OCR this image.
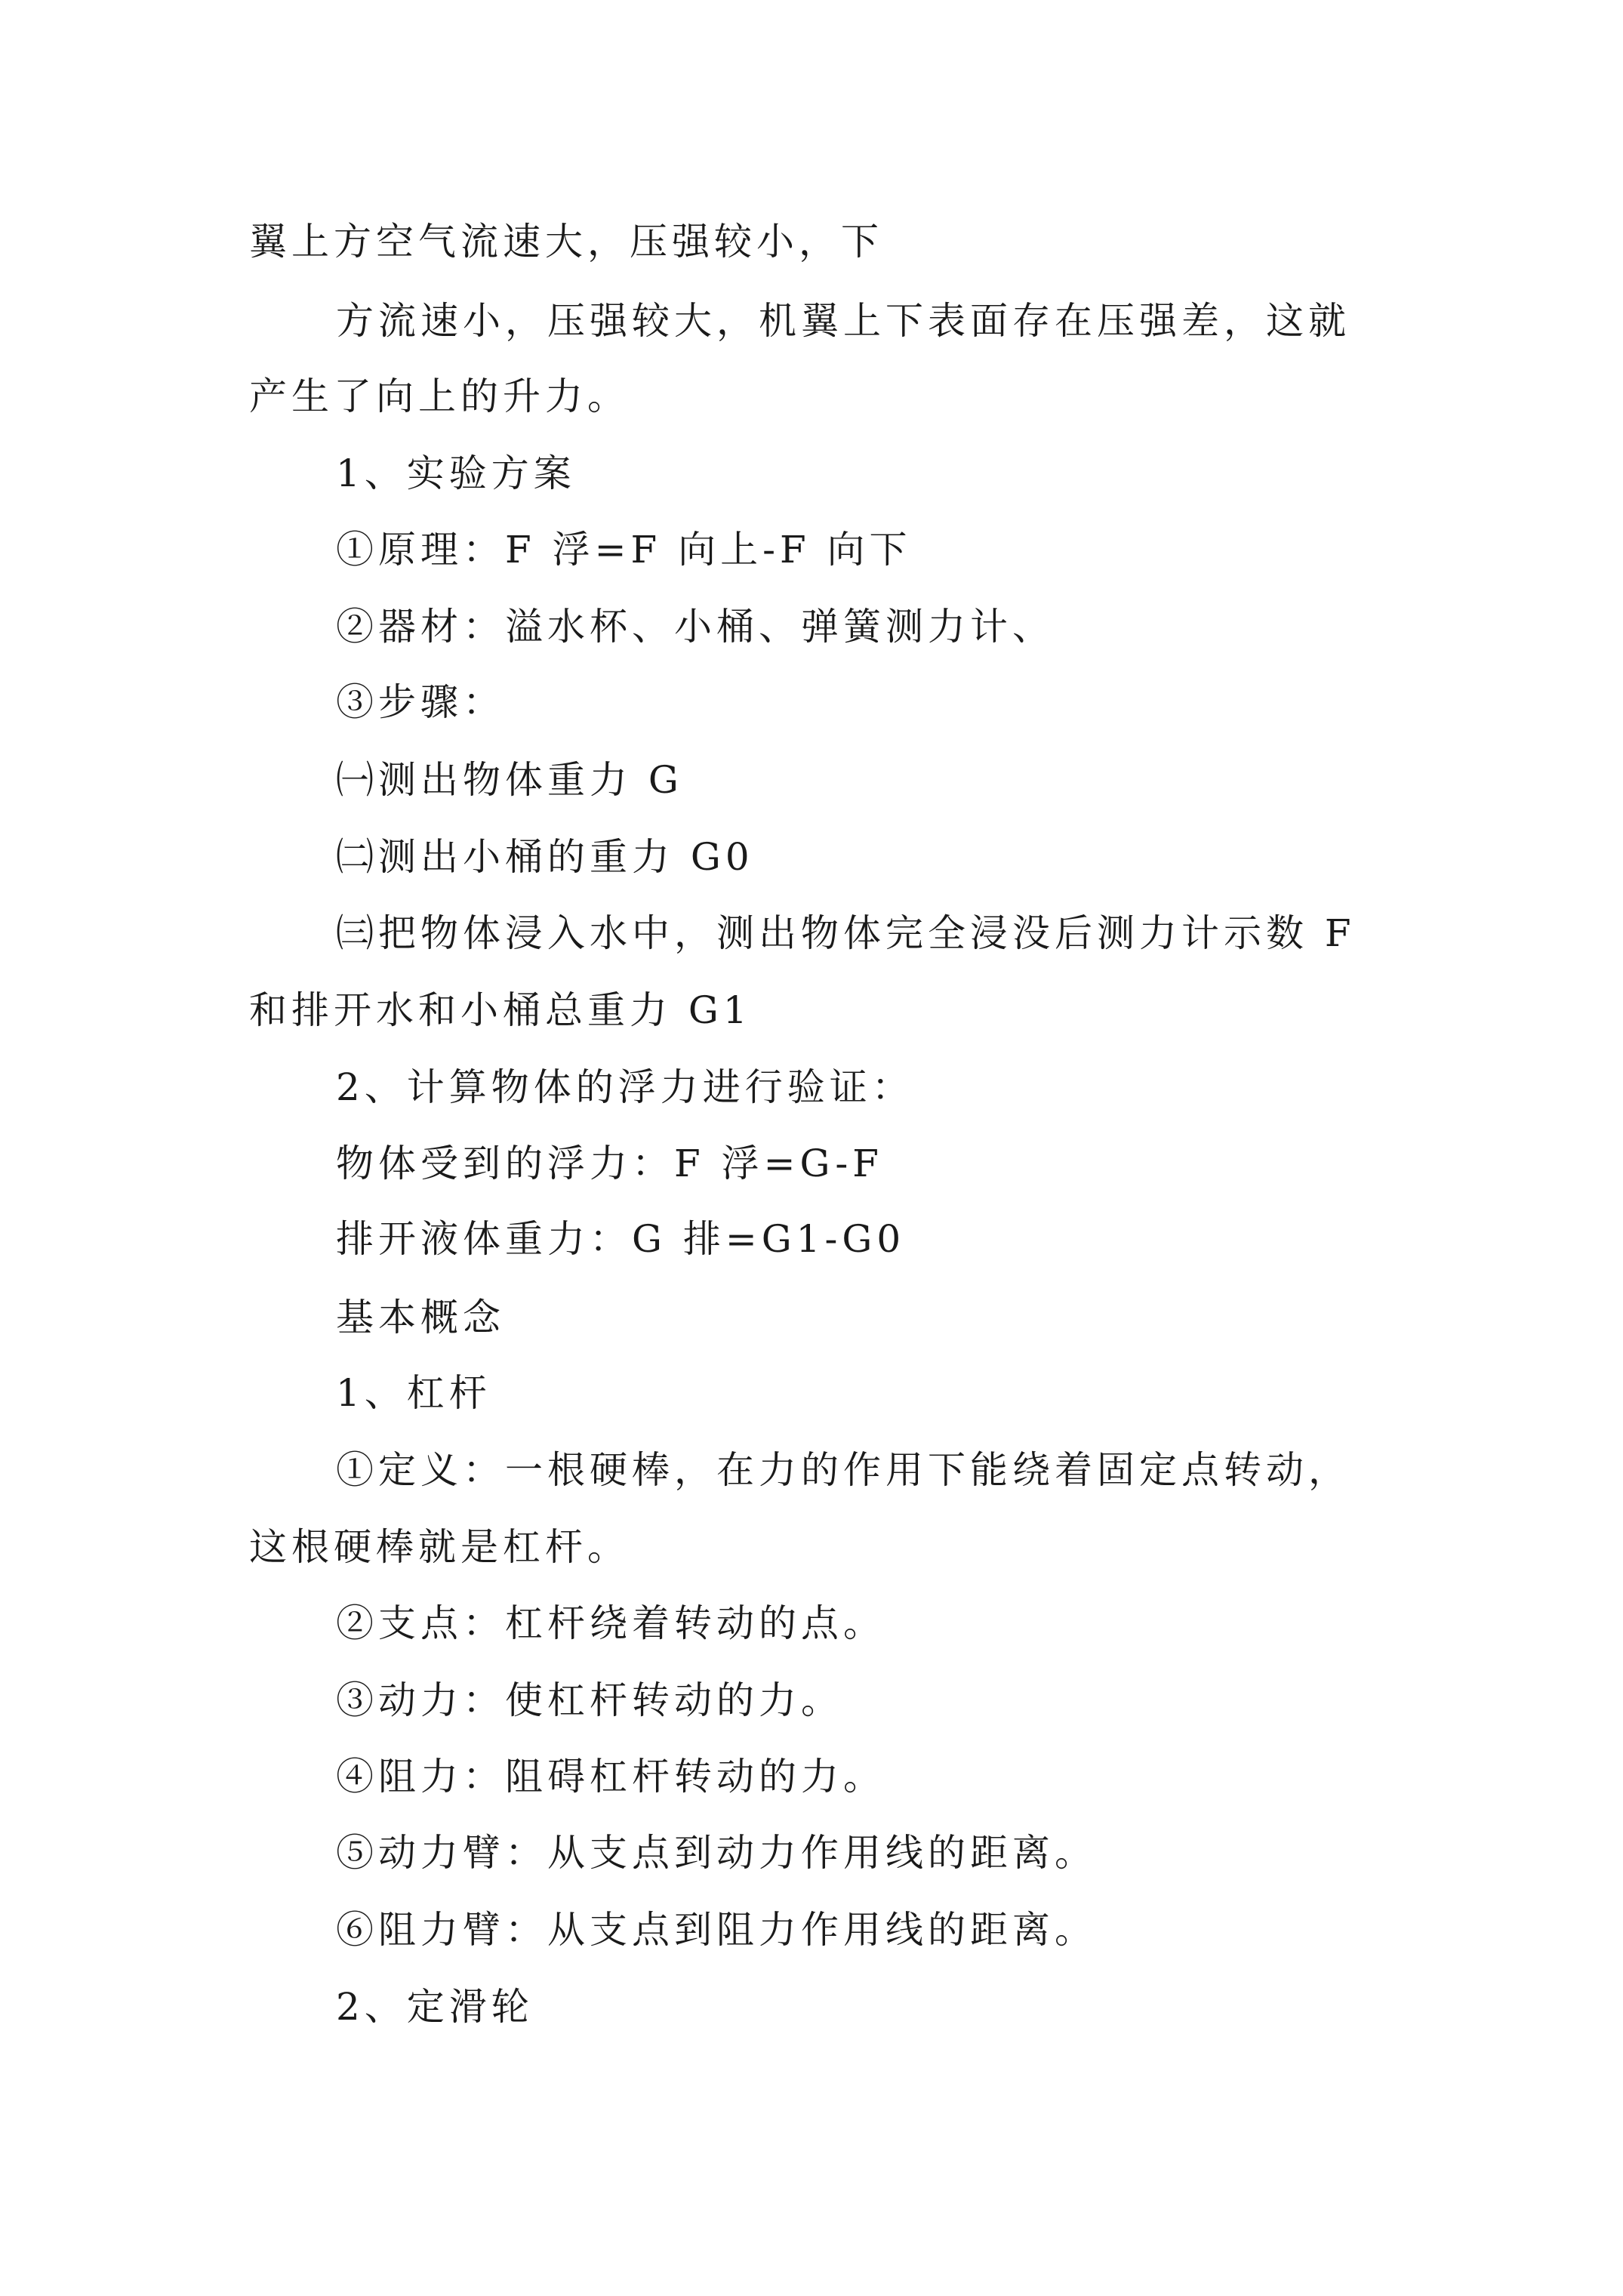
翼上方空气流速大，压强较小，下
方流速小，压强较大，机翼上下表面存在压强差，这就
产生了向上的升力。
1、实验方案
①原理：F 浮=F 向上-F 向下
②器材：溢水杯、小桶、弹簧测力计、
③步骤：
㈠测出物体重力 G
㈡测出小桶的重力 G0
㈢把物体浸入水中，测出物体完全浸没后测力计示数 F
和排开水和小桶总重力 G1
2、计算物体的浮力进行验证：
物体受到的浮力：F 浮=G-F
排开液体重力：G 排=G1-G0
基本概念
1、杠杆
①定义：一根硬棒，在力的作用下能绕着固定点转动，
这根硬棒就是杠杆。
②支点：杠杆绕着转动的点。
③动力：使杠杆转动的力。
④阻力：阻碍杠杆转动的力。
⑤动力臂：从支点到动力作用线的距离。
⑥阻力臂：从支点到阻力作用线的距离。
2、定滑轮
